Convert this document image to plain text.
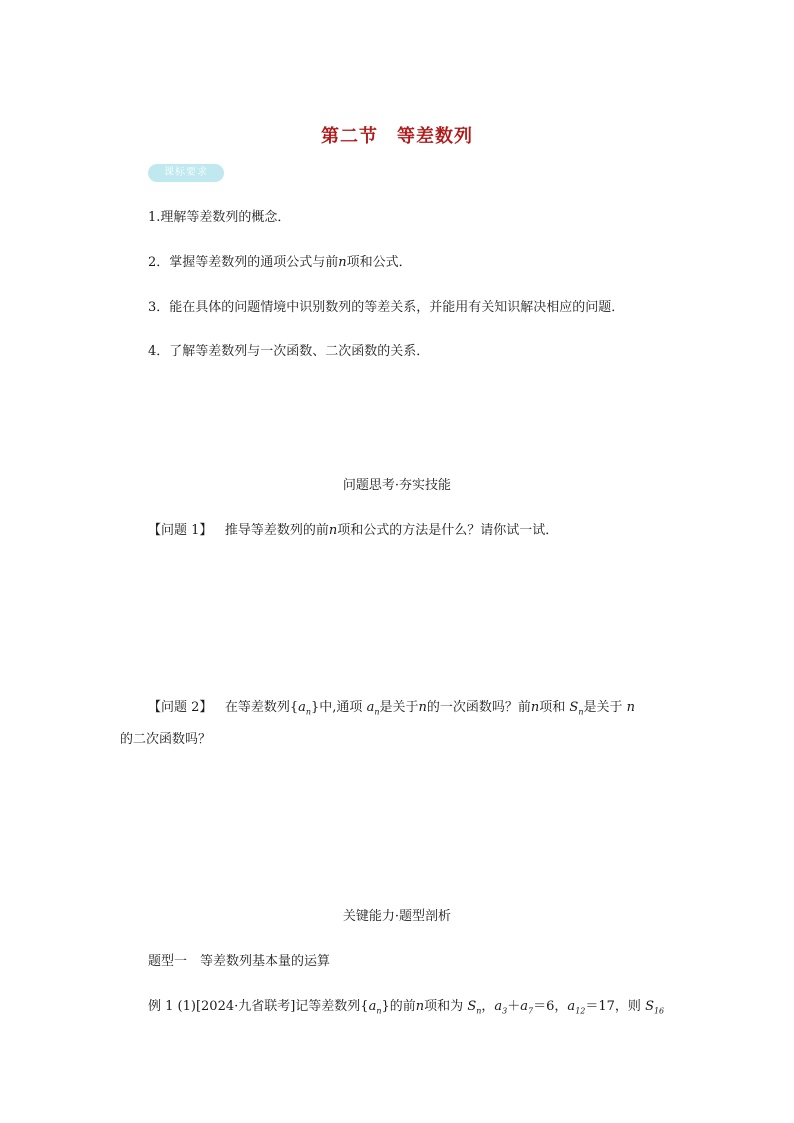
第二节　等差数列
课标要求
1.理解等差数列的概念．
2．掌握等差数列的通项公式与前n项和公式．
3．能在具体的问题情境中识别数列的等差关系，并能用有关知识解决相应的问题．
4．了解等差数列与一次函数、二次函数的关系．
问题思考·夯实技能
【问题 1】 推导等差数列的前n项和公式的方法是什么？请你试一试．
【问题 2】 在等差数列$\{a_n\}$中,通项 $a_n$是关于n的一次函数吗？前n项和 $S_n$是关于 n
的二次函数吗？
关键能力·题型剖析
题型一　等差数列基本量的运算
例 1 (1)[2024·九省联考]记等差数列$\{a_n\}$的前n项和为 $S_n$，$a_3+a_7=6$，$a_{12}=17$，则 $S_{16}$
